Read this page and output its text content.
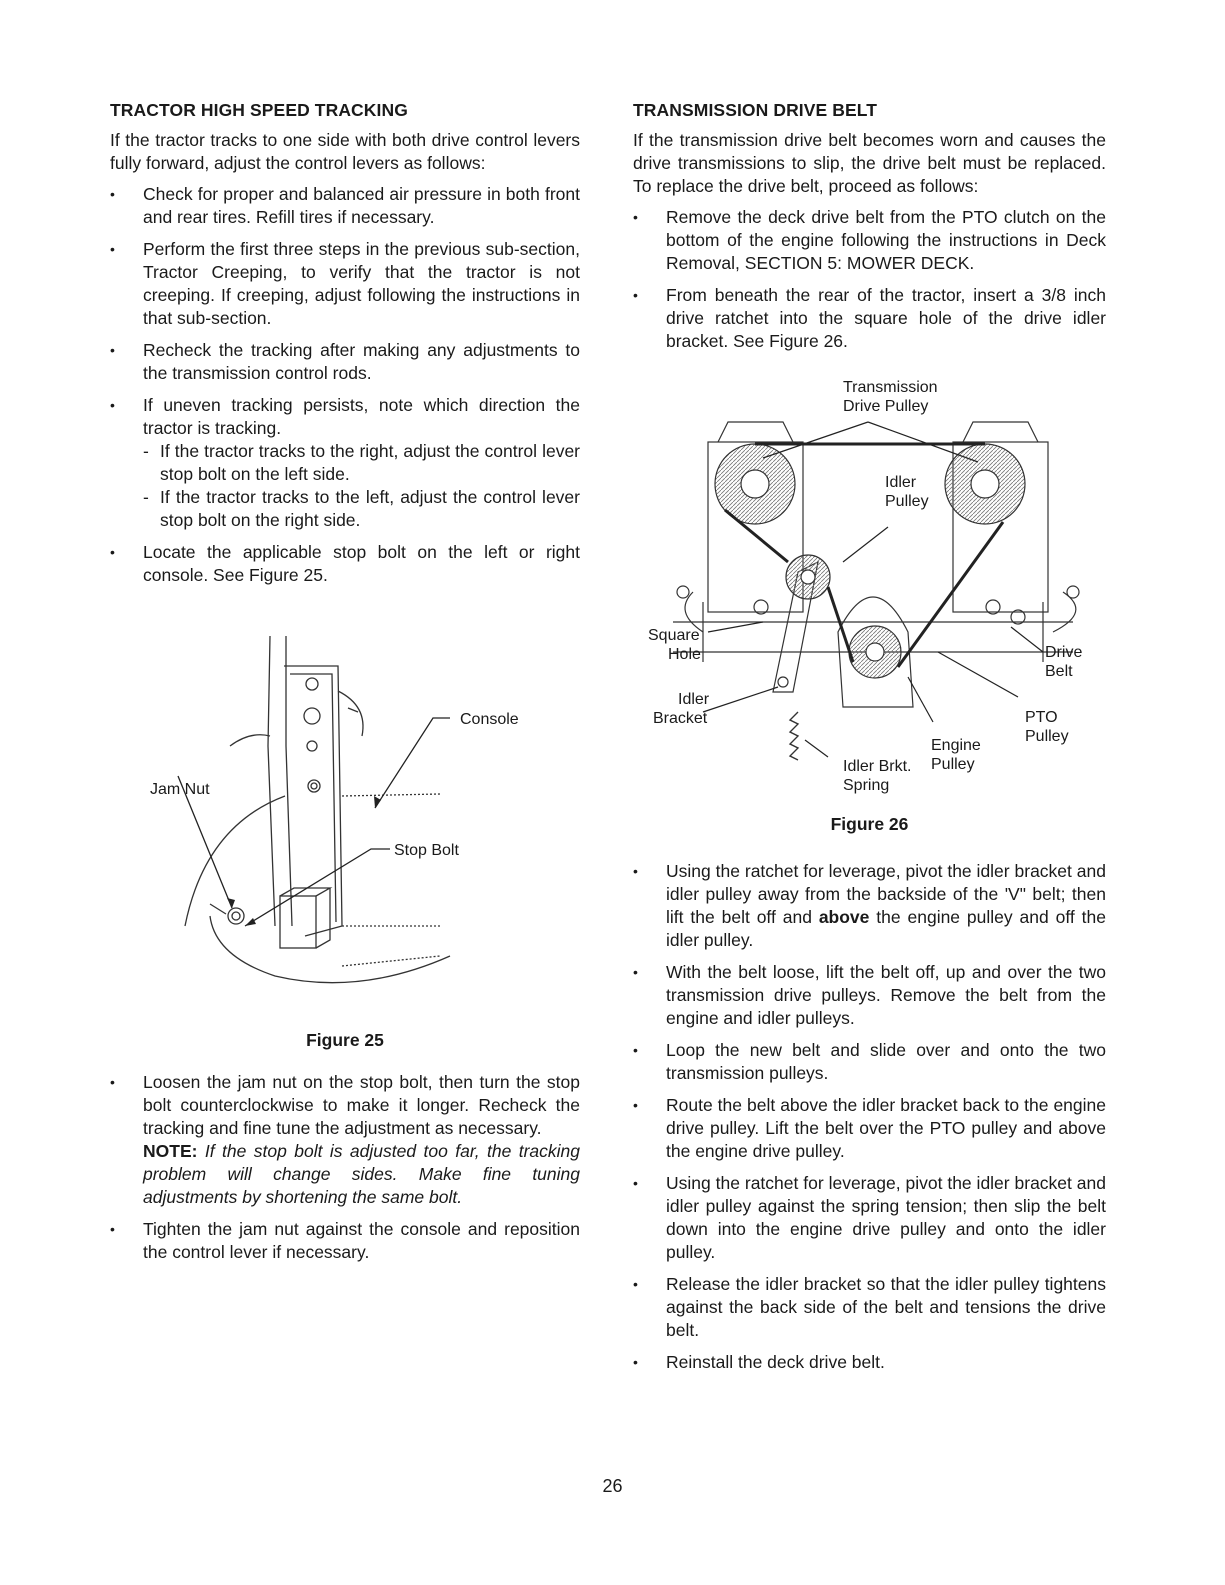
TRACTOR HIGH SPEED TRACKING

If the tractor tracks to one side with both drive control levers fully forward, adjust the control levers as follows:

• Check for proper and balanced air pressure in both front and rear tires. Refill tires if necessary.
• Perform the first three steps in the previous sub-section, Tractor Creeping, to verify that the tractor is not creeping. If creeping, adjust following the instructions in that sub-section.
• Recheck the tracking after making any adjustments to the transmission control rods.
• If uneven tracking persists, note which direction the tractor is tracking.
- If the tractor tracks to the right, adjust the control lever stop bolt on the left side.
- If the tractor tracks to the left, adjust the control lever stop bolt on the right side.
• Locate the applicable stop bolt on the left or right console. See Figure 25.
Jam Nut
Console
Stop Bolt
Figure 25
• Loosen the jam nut on the stop bolt, then turn the stop bolt counterclockwise to make it longer. Recheck the tracking and fine tune the adjustment as necessary.
NOTE: If the stop bolt is adjusted too far, the tracking problem will change sides. Make fine tuning adjustments by shortening the same bolt.
• Tighten the jam nut against the console and reposition the control lever if necessary.
TRANSMISSION DRIVE BELT

If the transmission drive belt becomes worn and causes the drive transmissions to slip, the drive belt must be replaced. To replace the drive belt, proceed as follows:

• Remove the deck drive belt from the PTO clutch on the bottom of the engine following the instructions in Deck Removal, SECTION 5: MOWER DECK.
• From beneath the rear of the tractor, insert a 3/8 inch drive ratchet into the square hole of the drive idler bracket. See Figure 26.
Transmission
Drive Pulley
Idler
Pulley
Square
Hole	Drive
Belt
Idler
Bracket	PTO
Pulley
Engine
Pulley
Idler Brkt.
Spring
Figure 26
• Using the ratchet for leverage, pivot the idler bracket and idler pulley away from the backside of the 'V" belt; then lift the belt off and above the engine pulley and off the idler pulley.
• With the belt loose, lift the belt off, up and over the two transmission drive pulleys. Remove the belt from the engine and idler pulleys.
• Loop the new belt and slide over and onto the two transmission pulleys.
• Route the belt above the idler bracket back to the engine drive pulley. Lift the belt over the PTO pulley and above the engine drive pulley.
• Using the ratchet for leverage, pivot the idler bracket and idler pulley against the spring tension; then slip the belt down into the engine drive pulley and onto the idler pulley.
• Release the idler bracket so that the idler pulley tightens against the back side of the belt and tensions the drive belt.
• Reinstall the deck drive belt.
26
